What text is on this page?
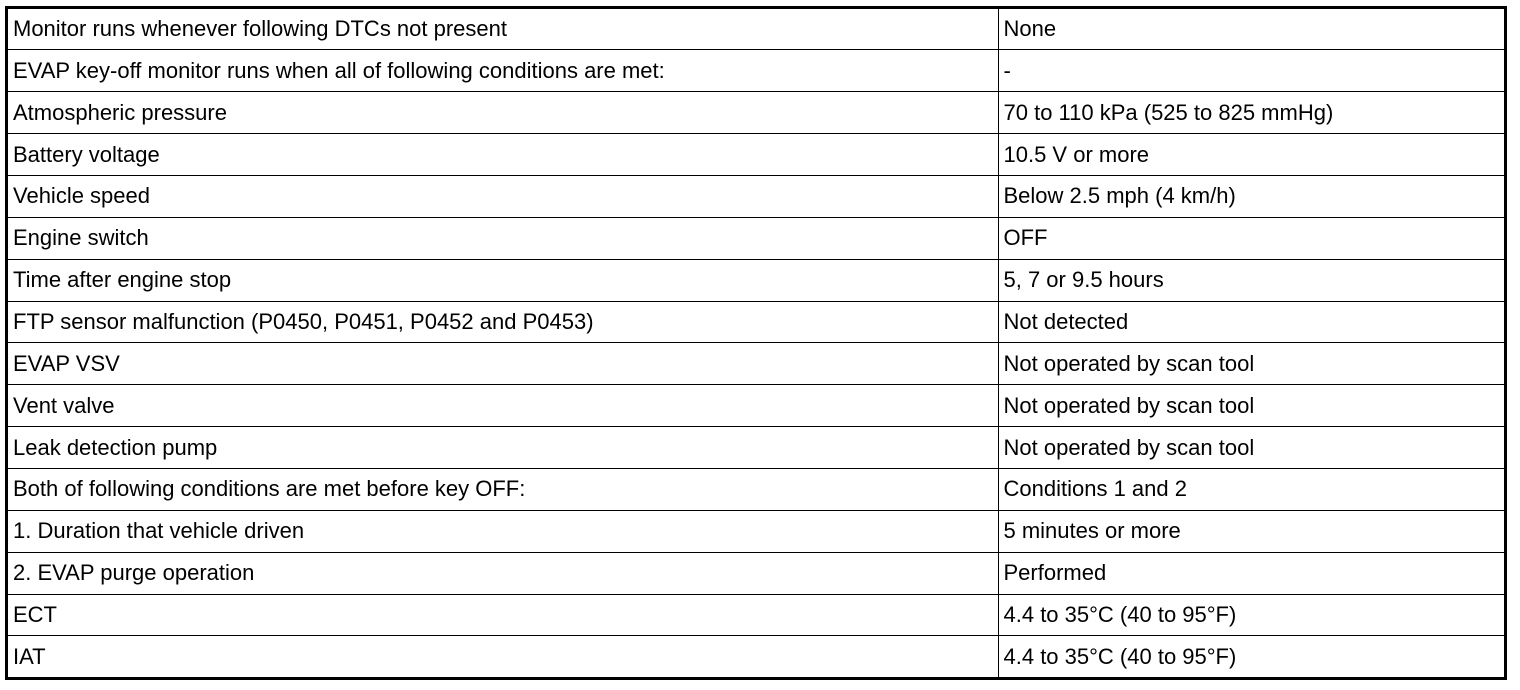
Monitor runs whenever following DTCs not present	None
EVAP key-off monitor runs when all of following conditions are met:	-
Atmospheric pressure	70 to 110 kPa (525 to 825 mmHg)
Battery voltage	10.5 V or more
Vehicle speed	Below 2.5 mph (4 km/h)
Engine switch	OFF
Time after engine stop	5, 7 or 9.5 hours
FTP sensor malfunction (P0450, P0451, P0452 and P0453)	Not detected
EVAP VSV	Not operated by scan tool
Vent valve	Not operated by scan tool
Leak detection pump	Not operated by scan tool
Both of following conditions are met before key OFF:	Conditions 1 and 2
1. Duration that vehicle driven	5 minutes or more
2. EVAP purge operation	Performed
ECT	4.4 to 35°C (40 to 95°F)
IAT	4.4 to 35°C (40 to 95°F)
